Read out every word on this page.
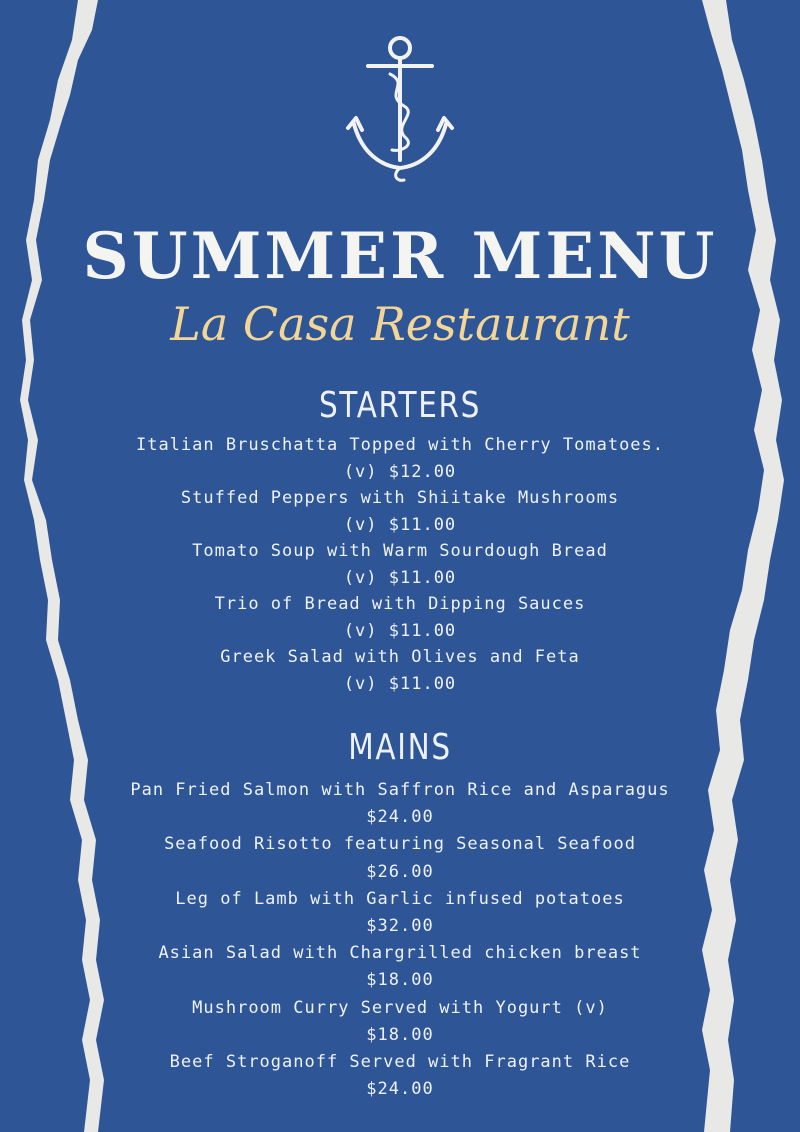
SUMMER MENU
La Casa Restaurant
STARTERS
Italian Bruschatta Topped with Cherry Tomatoes.
(v) $12.00
Stuffed Peppers with Shiitake Mushrooms
(v) $11.00
Tomato Soup with Warm Sourdough Bread
(v) $11.00
Trio of Bread with Dipping Sauces
(v) $11.00
Greek Salad with Olives and Feta
(v) $11.00
MAINS
Pan Fried Salmon with Saffron Rice and Asparagus
$24.00
Seafood Risotto featuring Seasonal Seafood
$26.00
Leg of Lamb with Garlic infused potatoes
$32.00
Asian Salad with Chargrilled chicken breast
$18.00
Mushroom Curry Served with Yogurt (v)
$18.00
Beef Stroganoff Served with Fragrant Rice
$24.00
